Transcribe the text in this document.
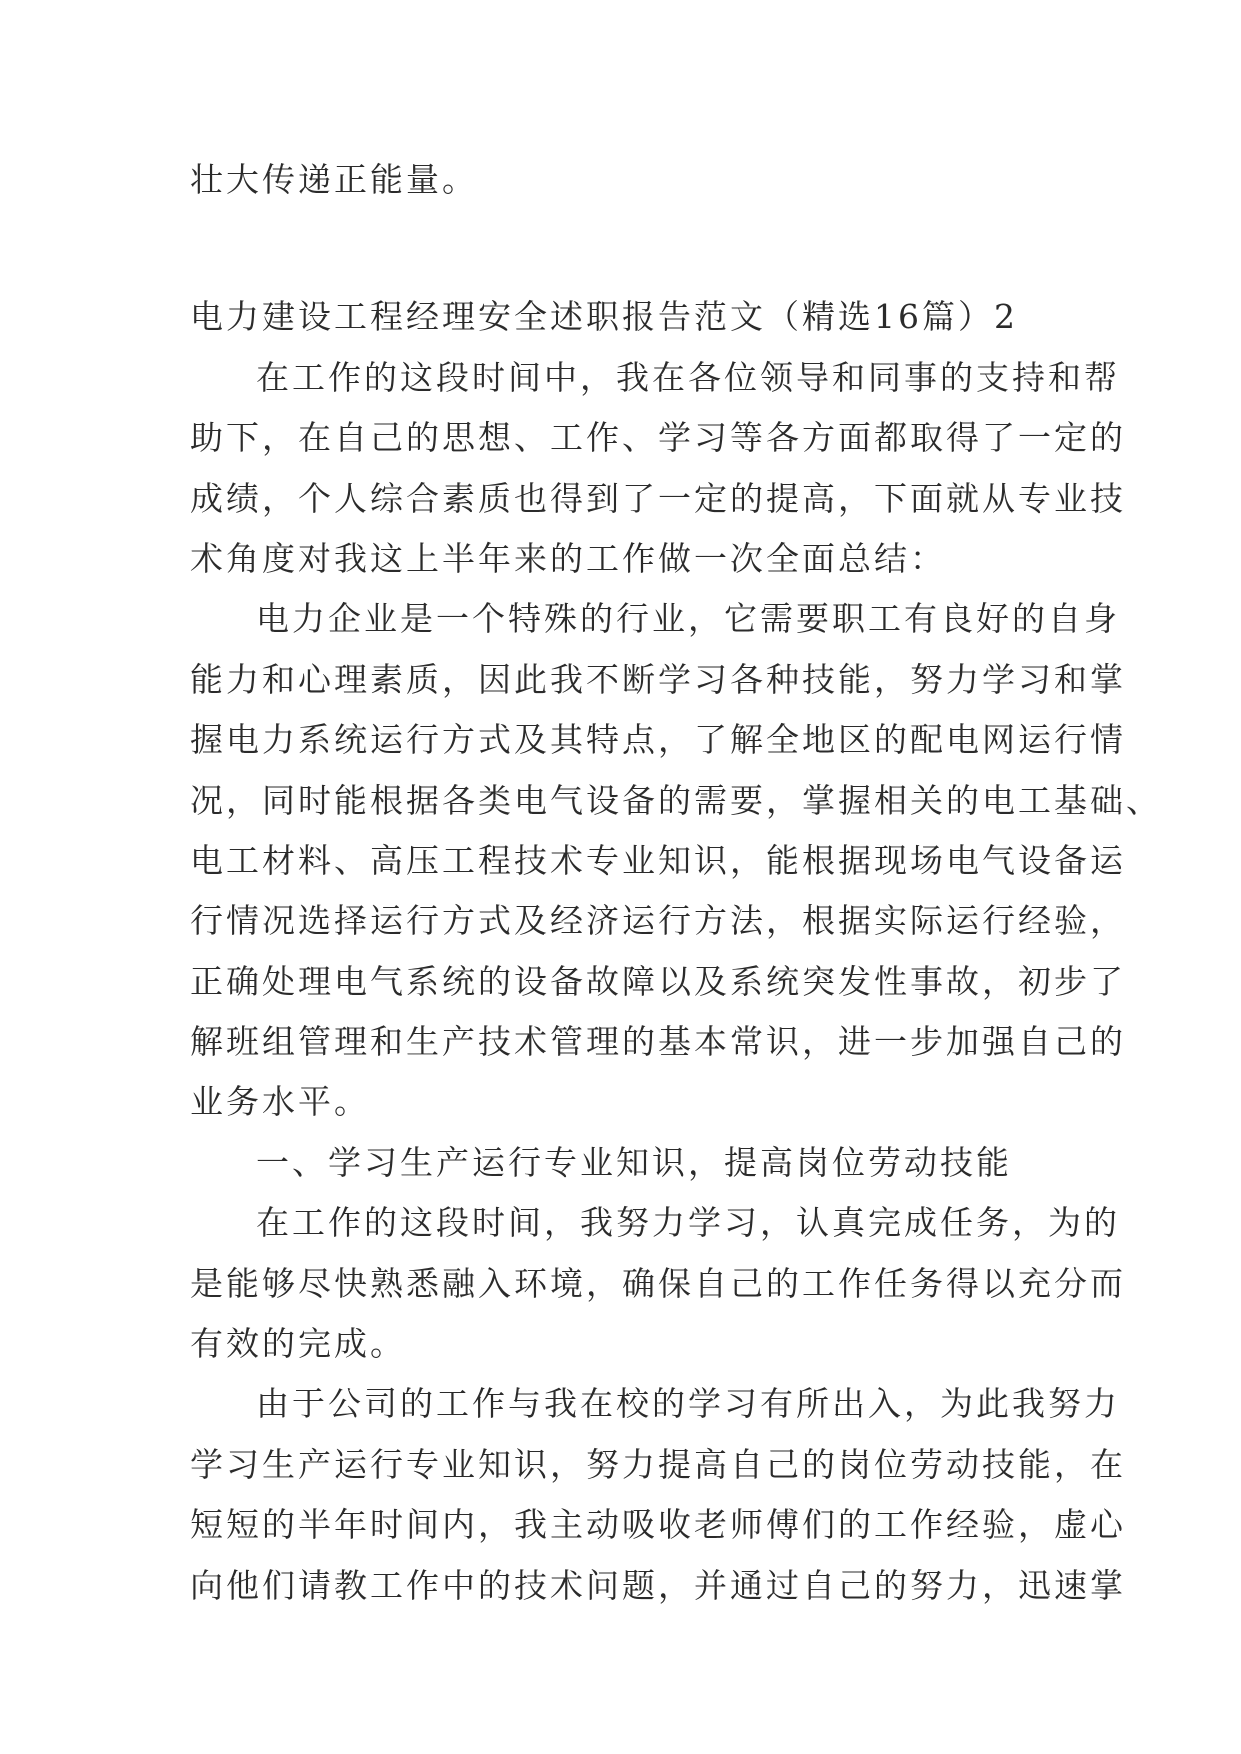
壮大传递正能量。
电力建设工程经理安全述职报告范文（精选16篇）2
在工作的这段时间中，我在各位领导和同事的支持和帮
助下，在自己的思想、工作、学习等各方面都取得了一定的
成绩，个人综合素质也得到了一定的提高，下面就从专业技
术角度对我这上半年来的工作做一次全面总结：
电力企业是一个特殊的行业，它需要职工有良好的自身
能力和心理素质，因此我不断学习各种技能，努力学习和掌
握电力系统运行方式及其特点，了解全地区的配电网运行情
况，同时能根据各类电气设备的需要，掌握相关的电工基础、
电工材料、高压工程技术专业知识，能根据现场电气设备运
行情况选择运行方式及经济运行方法，根据实际运行经验，
正确处理电气系统的设备故障以及系统突发性事故，初步了
解班组管理和生产技术管理的基本常识，进一步加强自己的
业务水平。
一、学习生产运行专业知识，提高岗位劳动技能
在工作的这段时间，我努力学习，认真完成任务，为的
是能够尽快熟悉融入环境，确保自己的工作任务得以充分而
有效的完成。
由于公司的工作与我在校的学习有所出入，为此我努力
学习生产运行专业知识，努力提高自己的岗位劳动技能，在
短短的半年时间内，我主动吸收老师傅们的工作经验，虚心
向他们请教工作中的技术问题，并通过自己的努力，迅速掌
